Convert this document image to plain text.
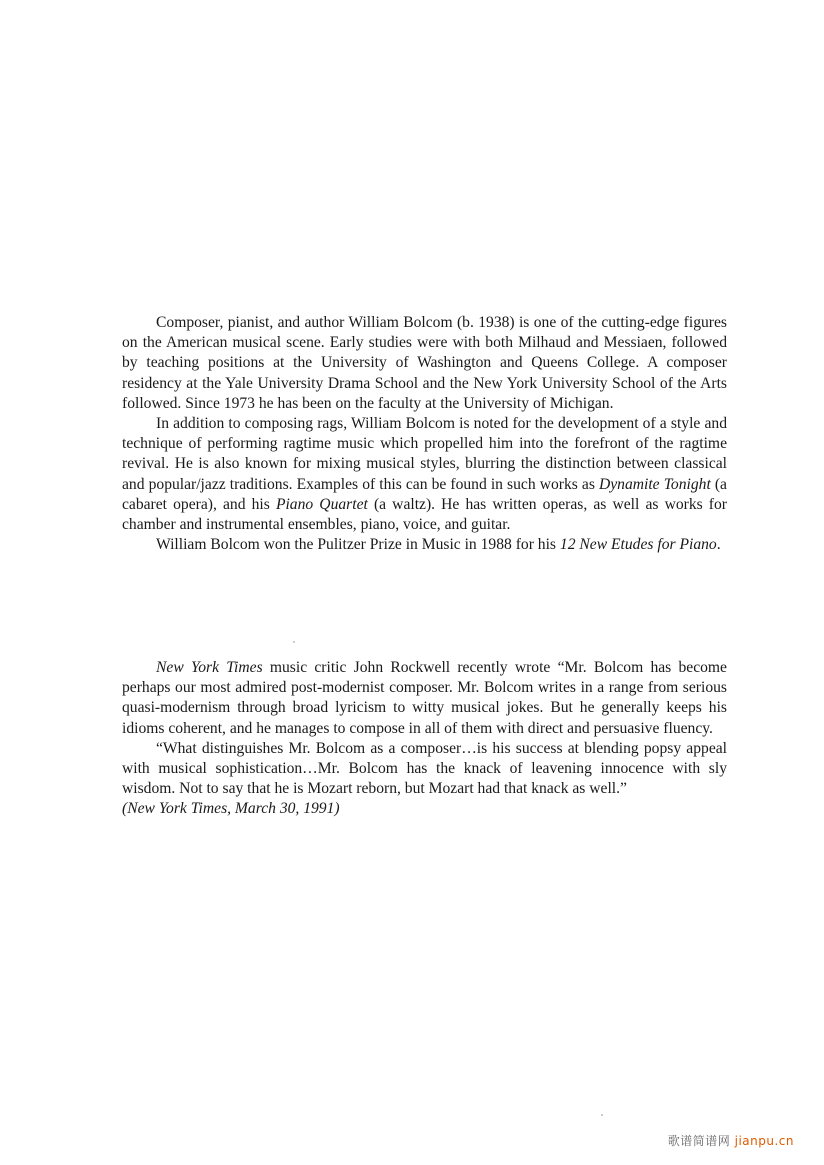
Composer, pianist, and author William Bolcom (b. 1938) is one of the cutting-edge figures on the American musical scene. Early studies were with both Milhaud and Messiaen, followed by teaching positions at the University of Washington and Queens College. A composer residency at the Yale University Drama School and the New York University School of the Arts followed. Since 1973 he has been on the faculty at the University of Michigan.

In addition to composing rags, William Bolcom is noted for the development of a style and technique of performing ragtime music which propelled him into the forefront of the ragtime revival. He is also known for mixing musical styles, blurring the distinction between classical and popular/jazz traditions. Examples of this can be found in such works as Dynamite Tonight (a cabaret opera), and his Piano Quartet (a waltz). He has written operas, as well as works for chamber and instrumental ensembles, piano, voice, and guitar.

William Bolcom won the Pulitzer Prize in Music in 1988 for his 12 New Etudes for Piano.

New York Times music critic John Rockwell recently wrote “Mr. Bolcom has become perhaps our most admired post-modernist composer. Mr. Bolcom writes in a range from serious quasi-modernism through broad lyricism to witty musical jokes. But he generally keeps his idioms coherent, and he manages to compose in all of them with direct and persuasive fluency.

“What distinguishes Mr. Bolcom as a composer…is his success at blending popsy appeal with musical sophistication…Mr. Bolcom has the knack of leavening innocence with sly wisdom. Not to say that he is Mozart reborn, but Mozart had that knack as well.”

(New York Times, March 30, 1991)

歌谱简谱网 jianpu.cn
